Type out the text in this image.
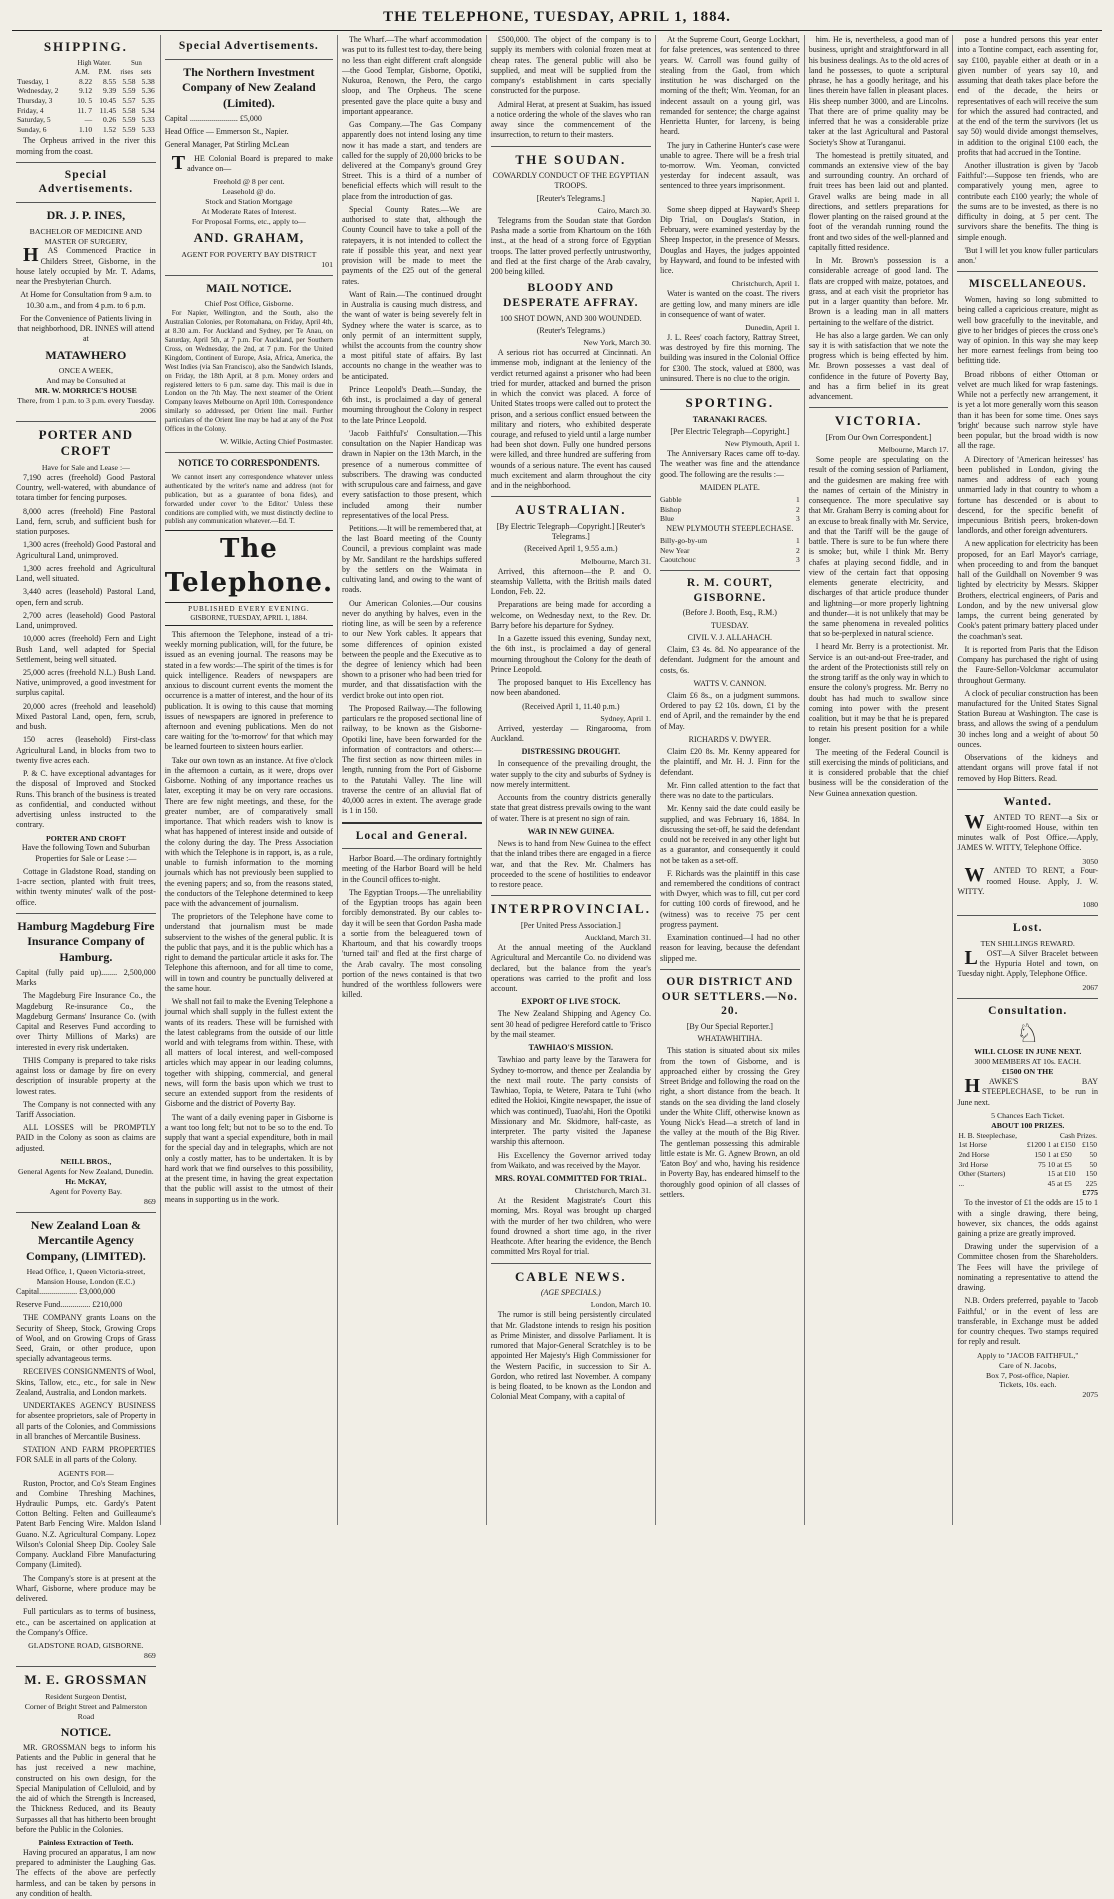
THE TELEPHONE, TUESDAY, APRIL 1, 1884.
SHIPPING.
	High Water.		Sun	
	A.M.	P.M.	rises	sets
Tuesday, 1	8.22	8.55	5.58	5.38
Wednesday, 2	9.12	9.39	5.59	5.36
Thursday, 3	10. 5	10.45	5.57	5.35
Friday, 4	11. 7	11.45	5.58	5.34
Saturday, 5	—	0.26	5.59	5.33
Sunday, 6	1.10	1.52	5.59	5.33

The Orpheus arrived in the river this morning from the coast.

Special Advertisements.
DR. J. P. INES,
BACHELOR OF MEDICINE AND MASTER OF SURGERY,

HAS Commenced Practice in Childers Street, Gisborne, in the house lately occupied by Mr. T. Adams, near the Presbyterian Church.

At Home for Consultation from 9 a.m. to 10.30 a.m., and from 4 p.m. to 6 p.m.

For the Convenience of Patients living in that neighborhood, DR. INNES will attend at

MATAWHERO
ONCE A WEEK,
And may be Consulted at
MR. W. MORRICE'S HOUSE
There, from 1 p.m. to 3 p.m. every Tuesday.
2006
PORTER AND CROFT
Have for Sale and Lease :—

7,190 acres (freehold) Good Pastoral Country, well-watered, with abundance of totara timber for fencing purposes.

8,000 acres (freehold) Fine Pastoral Land, fern, scrub, and sufficient bush for station purposes.

1,300 acres (freehold) Good Pastoral and Agricultural Land, unimproved.

1,300 acres freehold and Agricultural Land, well situated.

3,440 acres (leasehold) Pastoral Land, open, fern and scrub.

2,700 acres (leasehold) Good Pastoral Land, unimproved.

10,000 acres (freehold) Fern and Light Bush Land, well adapted for Special Settlement, being well situated.

25,000 acres (freehold N.L.) Bush Land. Native, unimproved, a good investment for surplus capital.

20,000 acres (freehold and leasehold) Mixed Pastoral Land, open, fern, scrub, and bush.

150 acres (leasehold) First-class Agricultural Land, in blocks from two to twenty five acres each.

P. & C. have exceptional advantages for the disposal of Improved and Stocked Runs. This branch of the business is treated as confidential, and conducted without advertising unless instructed to the contrary.

PORTER AND CROFT

Have the following Town and Suburban Properties for Sale or Lease :—

Cottage in Gladstone Road, standing on 1-acre section, planted with fruit trees, within twenty minutes' walk of the post-office.

Hamburg Magdeburg Fire Insurance Company of Hamburg.

Capital (fully paid up)........ 2,500,000 Marks

The Magdeburg Fire Insurance Co., the Magdeburg Re-insurance Co., the Magdeburg Germans' Insurance Co. (with Capital and Reserves Fund according to over Thirty Millions of Marks) are interested in every risk undertaken.

THIS Company is prepared to take risks against loss or damage by fire on every description of insurable property at the lowest rates.

The Company is not connected with any Tariff Association.

ALL LOSSES will be PROMPTLY PAID in the Colony as soon as claims are adjusted.

NEILL BROS.,
General Agents for New Zealand, Dunedin.
Hr. McKAY,
Agent for Poverty Bay.
869
New Zealand Loan & Mercantile Agency Company, (LIMITED).
Head Office, 1, Queen Victoria-street, Mansion House, London (E.C.)

Capital................... £3,000,000

Reserve Fund............... £210,000

THE COMPANY grants Loans on the Security of Sheep, Stock, Growing Crops of Wool, and on Growing Crops of Grass Seed, Grain, or other produce, upon specially advantageous terms.

RECEIVES CONSIGNMENTS of Wool, Skins, Tallow, etc., etc., for sale in New Zealand, Australia, and London markets.

UNDERTAKES AGENCY BUSINESS for absentee proprietors, sale of Property in all parts of the Colonies, and Commissions in all branches of Mercantile Business.

STATION AND FARM PROPERTIES FOR SALE in all parts of the Colony.

AGENTS FOR—

Ruston, Proctor, and Co's Steam Engines and Combine Threshing Machines, Hydraulic Pumps, etc. Gardy's Patent Cotton Belting. Felten and Guilleaume's Patent Barb Fencing Wire. Maldon Island Guano. N.Z. Agricultural Company. Lopez Wilson's Colonial Sheep Dip. Cooley Sale Company. Auckland Fibre Manufacturing Company (Limited).

The Company's store is at present at the Wharf, Gisborne, where produce may be delivered.

Full particulars as to terms of business, etc., can be ascertained on application at the Company's Office.

GLADSTONE ROAD, GISBORNE.
869
M. E. GROSSMAN
Resident Surgeon Dentist,
Corner of Bright Street and Palmerston Road
NOTICE.

MR. GROSSMAN begs to inform his Patients and the Public in general that he has just received a new machine, constructed on his own design, for the Special Manipulation of Celluloid, and by the aid of which the Strength is Increased, the Thickness Reduced, and its Beauty Surpasses all that has hitherto been brought before the Public in the Colonies.

Painless Extraction of Teeth.

Having procured an apparatus, I am now prepared to administer the Laughing Gas. The effects of the above are perfectly harmless, and can be taken by persons in any condition of health.

Special Advertisements.
The Northern Investment Company of New Zealand (Limited).

Capital ........................ £5,000

Head Office — Emmerson St., Napier.

General Manager, Pat Stirling McLean

THE Colonial Board is prepared to make advance on—

Freehold @ 8 per cent.
Leasehold @ do.
Stock and Station Mortgage
At Moderate Rates of Interest.
For Proposal Forms, etc., apply to—
AND. GRAHAM,
AGENT FOR POVERTY BAY DISTRICT
101
MAIL NOTICE.
Chief Post Office, Gisborne.

For Napier, Wellington, and the South, also the Australian Colonies, per Rotomahana, on Friday, April 4th, at 8.30 a.m. For Auckland and Sydney, per Te Anau, on Saturday, April 5th, at 7 p.m. For Auckland, per Southern Cross, on Wednesday, the 2nd, at 7 p.m. For the United Kingdom, Continent of Europe, Asia, Africa, America, the West Indies (via San Francisco), also the Sandwich Islands, on Friday, the 18th April, at 8 p.m. Money orders and registered letters to 6 p.m. same day. This mail is due in London on the 7th May. The next steamer of the Orient Company leaves Melbourne on April 10th. Correspondence similarly so addressed, per Orient line mail. Further particulars of the Orient line may be had at any of the Post Offices in the Colony.

W. Wilkie, Acting Chief Postmaster.
NOTICE TO CORRESPONDENTS.

We cannot insert any correspondence whatever unless authenticated by the writer's name and address (not for publication, but as a guarantee of bona fides), and forwarded under cover 'to the Editor.' Unless these conditions are complied with, we must distinctly decline to publish any communication whatever.—Ed. T.

The Telephone.
PUBLISHED EVERY EVENING.
GISBORNE, TUESDAY, APRIL 1, 1884.

This afternoon the Telephone, instead of a tri-weekly morning publication, will, for the future, be issued as an evening journal. The reasons may be stated in a few words:—The spirit of the times is for quick intelligence. Readers of newspapers are anxious to discount current events the moment the occurrence is a matter of interest, and the hour of its publication. It is owing to this cause that morning issues of newspapers are ignored in preference to afternoon and evening publications. Men do not care waiting for the 'to-morrow' for that which may be learned fourteen to sixteen hours earlier.

Take our own town as an instance. At five o'clock in the afternoon a curtain, as it were, drops over Gisborne. Nothing of any importance reaches us later, excepting it may be on very rare occasions. There are few night meetings, and these, for the greater number, are of comparatively small importance. That which readers wish to know is what has happened of interest inside and outside of the colony during the day. The Press Association with which the Telephone is in rapport, is, as a rule, unable to furnish information to the morning journals which has not previously been supplied to the evening papers; and so, from the reasons stated, the conductors of the Telephone determined to keep pace with the advancement of journalism.

The proprietors of the Telephone have come to understand that journalism must be made subservient to the wishes of the general public. It is the public that pays, and it is the public which has a right to demand the particular article it asks for. The Telephone this afternoon, and for all time to come, will in town and country be punctually delivered at the same hour.

We shall not fail to make the Evening Telephone a journal which shall supply in the fullest extent the wants of its readers. These will be furnished with the latest cablegrams from the outside of our little world and with telegrams from within. These, with all matters of local interest, and well-composed articles which may appear in our leading columns, together with shipping, commercial, and general news, will form the basis upon which we trust to secure an extended support from the residents of Gisborne and the district of Poverty Bay.

The want of a daily evening paper in Gisborne is a want too long felt; but not to be so to the end. To supply that want a special expenditure, both in mail for the special day and in telegraphs, which are not only a costly matter, has to be undertaken. It is by hard work that we find ourselves to this possibility, at the present time, in having the great expectation that the public will assist to the utmost of their means in supporting us in the work.

The Wharf.—The wharf accommodation was put to its fullest test to-day, there being no less than eight different craft alongside—the Good Templar, Gisborne, Opotiki, Nukuroa, Renown, the Pero, the cargo sloop, and The Orpheus. The scene presented gave the place quite a busy and important appearance.

Gas Company.—The Gas Company apparently does not intend losing any time now it has made a start, and tenders are called for the supply of 20,000 bricks to be delivered at the Company's ground Grey Street. This is a third of a number of beneficial effects which will result to the place from the introduction of gas.

Special County Rates.—We are authorised to state that, although the County Council have to take a poll of the ratepayers, it is not intended to collect the rate if possible this year, and next year provision will be made to meet the payments of the £25 out of the general rates.

Want of Rain.—The continued drought in Australia is causing much distress, and the want of water is being severely felt in Sydney where the water is scarce, as to only permit of an intermittent supply, whilst the accounts from the country show a most pitiful state of affairs. By last accounts no change in the weather was to be anticipated.

Prince Leopold's Death.—Sunday, the 6th inst., is proclaimed a day of general mourning throughout the Colony in respect to the late Prince Leopold.

'Jacob Faithful's' Consultation.—This consultation on the Napier Handicap was drawn in Napier on the 13th March, in the presence of a numerous committee of subscribers. The drawing was conducted with scrupulous care and fairness, and gave every satisfaction to those present, which included among their number representatives of the local Press.

Petitions.—It will be remembered that, at the last Board meeting of the County Council, a previous complaint was made by Mr. Sandilant re the hardships suffered by the settlers on the Waimata in cultivating land, and owing to the want of roads.

Our American Colonies.—Our cousins never do anything by halves, even in the rioting line, as will be seen by a reference to our New York cables. It appears that some differences of opinion existed between the people and the Executive as to the degree of leniency which had been shown to a prisoner who had been tried for murder, and that dissatisfaction with the verdict broke out into open riot.

The Proposed Railway.—The following particulars re the proposed sectional line of railway, to be known as the Gisborne-Opotiki line, have been forwarded for the information of contractors and others:—The first section as now thirteen miles in length, running from the Port of Gisborne to the Patutahi Valley. The line will traverse the centre of an alluvial flat of 40,000 acres in extent. The average grade is 1 in 150.

Local and General.

Harbor Board.—The ordinary fortnightly meeting of the Harbor Board will be held in the Council offices to-night.

The Egyptian Troops.—The unreliability of the Egyptian troops has again been forcibly demonstrated. By our cables to-day it will be seen that Gordon Pasha made a sortie from the beleaguered town of Khartoum, and that his cowardly troops 'turned tail' and fled at the first charge of the Arab cavalry. The most consoling portion of the news contained is that two hundred of the worthless followers were killed.

£500,000. The object of the company is to supply its members with colonial frozen meat at cheap rates. The general public will also be supplied, and meat will be supplied from the company's establishment in carts specially constructed for the purpose.

Admiral Herat, at present at Suakim, has issued a notice ordering the whole of the slaves who ran away since the commencement of the insurrection, to return to their masters.

THE SOUDAN.
COWARDLY CONDUCT OF THE EGYPTIAN TROOPS.
[Reuter's Telegrams.]
Cairo, March 30.

Telegrams from the Soudan state that Gordon Pasha made a sortie from Khartoum on the 16th inst., at the head of a strong force of Egyptian troops. The latter proved perfectly untrustworthy, and fled at the first charge of the Arab cavalry, 200 being killed.

BLOODY AND DESPERATE AFFRAY.
100 SHOT DOWN, AND 300 WOUNDED.
(Reuter's Telegrams.)
New York, March 30.

A serious riot has occurred at Cincinnati. An immense mob, indignant at the leniency of the verdict returned against a prisoner who had been tried for murder, attacked and burned the prison in which the convict was placed. A force of United States troops were called out to protect the prison, and a serious conflict ensued between the military and rioters, who exhibited desperate courage, and refused to yield until a large number had been shot down. Fully one hundred persons were killed, and three hundred are suffering from wounds of a serious nature. The event has caused much excitement and alarm throughout the city and in the neighborhood.

AUSTRALIAN.
[By Electric Telegraph—Copyright.] [Reuter's Telegrams.]
(Received April 1, 9.55 a.m.)
Melbourne, March 31.

Arrived, this afternoon—the P. and O. steamship Valletta, with the British mails dated London, Feb. 22.

Preparations are being made for according a welcome, on Wednesday next, to the Rev. Dr. Barry before his departure for Sydney.

In a Gazette issued this evening, Sunday next, the 6th inst., is proclaimed a day of general mourning throughout the Colony for the death of Prince Leopold.

The proposed banquet to His Excellency has now been abandoned.

(Received April 1, 11.40 p.m.)
Sydney, April 1.

Arrived, yesterday — Ringarooma, from Auckland.

DISTRESSING DROUGHT.

In consequence of the prevailing drought, the water supply to the city and suburbs of Sydney is now merely intermittent.

Accounts from the country districts generally state that great distress prevails owing to the want of water. There is at present no sign of rain.

WAR IN NEW GUINEA.

News is to hand from New Guinea to the effect that the inland tribes there are engaged in a fierce war, and that the Rev. Mr. Chalmers has proceeded to the scene of hostilities to endeavor to restore peace.

INTERPROVINCIAL.
[Per United Press Association.]
Auckland, March 31.

At the annual meeting of the Auckland Agricultural and Mercantile Co. no dividend was declared, but the balance from the year's operations was carried to the profit and loss account.

EXPORT OF LIVE STOCK.

The New Zealand Shipping and Agency Co. sent 30 head of pedigree Hereford cattle to 'Frisco by the mail steamer.

TAWHIAO'S MISSION.

Tawhiao and party leave by the Tarawera for Sydney to-morrow, and thence per Zealandia by the next mail route. The party consists of Tawhiao, Topia, te Wetere, Patara te Tuhi (who edited the Hokioi, Kingite newspaper, the issue of which was continued), Tuao'ahi, Hori the Opotiki Missionary and Mr. Skidmore, half-caste, as interpreter. The party visited the Japanese warship this afternoon.

His Excellency the Governor arrived today from Waikato, and was received by the Mayor.

MRS. ROYAL COMMITTED FOR TRIAL.
Christchurch, March 31.

At the Resident Magistrate's Court this morning, Mrs. Royal was brought up charged with the murder of her two children, who were found drowned a short time ago, in the river Heathcote. After hearing the evidence, the Bench committed Mrs Royal for trial.

CABLE NEWS.
(AGE SPECIALS.)
London, March 10.

The rumor is still being persistently circulated that Mr. Gladstone intends to resign his position as Prime Minister, and dissolve Parliament. It is rumored that Major-General Scratchley is to be appointed Her Majesty's High Commissioner for the Western Pacific, in succession to Sir A. Gordon, who retired last November. A company is being floated, to be known as the London and Colonial Meat Company, with a capital of

At the Supreme Court, George Lockhart, for false pretences, was sentenced to three years. W. Carroll was found guilty of stealing from the Gaol, from which institution he was discharged on the morning of the theft; Wm. Yeoman, for an indecent assault on a young girl, was remanded for sentence; the charge against Henrietta Hunter, for larceny, is being heard.

The jury in Catherine Hunter's case were unable to agree. There will be a fresh trial to-morrow. Wm. Yeoman, convicted yesterday for indecent assault, was sentenced to three years imprisonment.

Napier, April 1.

Some sheep dipped at Hayward's Sheep Dip Trial, on Douglas's Station, in February, were examined yesterday by the Sheep Inspector, in the presence of Messrs. Douglas and Hayes, the judges appointed by Hayward, and found to be infested with lice.

Christchurch, April 1.

Water is wanted on the coast. The rivers are getting low, and many miners are idle in consequence of want of water.

Dunedin, April 1.

J. L. Rees' coach factory, Rattray Street, was destroyed by fire this morning. The building was insured in the Colonial Office for £300. The stock, valued at £800, was uninsured. There is no clue to the origin.

SPORTING.
TARANAKI RACES.
[Per Electric Telegraph—Copyright.]
New Plymouth, April 1.

The Anniversary Races came off to-day. The weather was fine and the attendance good. The following are the results :—

MAIDEN PLATE.
Gabble	1
Bishop	2
Blue	3
NEW PLYMOUTH STEEPLECHASE.
Billy-go-by-um	1
New Year	2
Caoutchouc	3
R. M. COURT, GISBORNE.
(Before J. Booth, Esq., R.M.)
TUESDAY.
CIVIL V. J. ALLAHACH.

Claim, £3 4s. 8d. No appearance of the defendant. Judgment for the amount and costs, 6s.

WATTS V. CANNON.

Claim £6 8s., on a judgment summons. Ordered to pay £2 10s. down, £1 by the end of April, and the remainder by the end of May.

RICHARDS V. DWYER.

Claim £20 8s. Mr. Kenny appeared for the plaintiff, and Mr. H. J. Finn for the defendant.

Mr. Finn called attention to the fact that there was no date to the particulars.

Mr. Kenny said the date could easily be supplied, and was February 16, 1884. In discussing the set-off, he said the defendant could not be received in any other light but as a guarantor, and consequently it could not be taken as a set-off.

F. Richards was the plaintiff in this case and remembered the conditions of contract with Dwyer, which was to fill, cut per cord for cutting 100 cords of firewood, and he (witness) was to receive 75 per cent progress payment.

Examination continued—I had no other reason for leaving, because the defendant slipped me.

OUR DISTRICT AND OUR SETTLERS.—No. 20.
[By Our Special Reporter.]
WHATAWHITIHA.

This station is situated about six miles from the town of Gisborne, and is approached either by crossing the Grey Street Bridge and following the road on the right, a short distance from the beach. It stands on the sea dividing the land closely under the White Cliff, otherwise known as Young Nick's Head—a stretch of land in the valley at the mouth of the Big River. The gentleman possessing this admirable little estate is Mr. G. Agnew Brown, an old 'Eaton Boy' and who, having his residence in Poverty Bay, has endeared himself to the thoroughly good opinion of all classes of settlers.

him. He is, nevertheless, a good man of business, upright and straightforward in all his business dealings. As to the old acres of land he possesses, to quote a scriptural phrase, he has a goodly heritage, and his lines therein have fallen in pleasant places. His sheep number 3000, and are Lincolns. That there are of prime quality may be inferred that he was a considerable prize taker at the last Agricultural and Pastoral Society's Show at Turanganui.

The homestead is prettily situated, and commands an extensive view of the bay and surrounding country. An orchard of fruit trees has been laid out and planted. Gravel walks are being made in all directions, and settlers preparations for flower planting on the raised ground at the foot of the verandah running round the front and two sides of the well-planned and capitally fitted residence.

In Mr. Brown's possession is a considerable acreage of good land. The flats are cropped with maize, potatoes, and grass, and at each visit the proprietor has put in a larger quantity than before. Mr. Brown is a leading man in all matters pertaining to the welfare of the district.

He has also a large garden. We can only say it is with satisfaction that we note the progress which is being effected by him. Mr. Brown possesses a vast deal of confidence in the future of Poverty Bay, and has a firm belief in its great advancement.

VICTORIA.
[From Our Own Correspondent.]
Melbourne, March 17.

Some people are speculating on the result of the coming session of Parliament, and the guidesmen are making free with the names of certain of the Ministry in consequence. The more speculative say that Mr. Graham Berry is coming about for an excuse to break finally with Mr. Service, and that the Tariff will be the gauge of battle. There is sure to be fun where there is smoke; but, while I think Mr. Berry chafes at playing second fiddle, and in view of the certain fact that opposing elements generate electricity, and discharges of that article produce thunder and lightning—or more properly lightning and thunder—it is not unlikely that may be the same phenomena in revealed politics that so be-perplexed in natural science.

I heard Mr. Berry is a protectionist. Mr. Service is an out-and-out Free-trader, and the ardent of the Protectionists still rely on the strong tariff as the only way in which to ensure the colony's progress. Mr. Berry no doubt has had much to swallow since coming into power with the present coalition, but it may be that he is prepared to retain his present position for a while longer.

The meeting of the Federal Council is still exercising the minds of politicians, and it is considered probable that the chief business will be the consideration of the New Guinea annexation question.

pose a hundred persons this year enter into a Tontine compact, each assenting for, say £100, payable either at death or in a given number of years say 10, and assuming that death takes place before the end of the decade, the heirs or representatives of each will receive the sum for which the assured had contracted, and at the end of the term the survivors (let us say 50) would divide amongst themselves, in addition to the original £100 each, the profits that had accrued in the Tontine.

Another illustration is given by 'Jacob Faithful':—Suppose ten friends, who are comparatively young men, agree to contribute each £100 yearly; the whole of the sums are to be invested, as there is no difficulty in doing, at 5 per cent. The survivors share the benefits. The thing is simple enough.

'But I will let you know fuller particulars anon.'

MISCELLANEOUS.

Women, having so long submitted to being called a capricious creature, might as well bow gracefully to the inevitable, and give to her bridges of pieces the cross one's way of opinion. In this way she may keep her more earnest feelings from being too befitting tide.

Broad ribbons of either Ottoman or velvet are much liked for wrap fastenings. While not a perfectly new arrangement, it is yet a lot more generally worn this season than it has been for some time. Ones says 'bright' because such narrow style have been popular, but the broad width is now all the rage.

A Directory of 'American heiresses' has been published in London, giving the names and address of each young unmarried lady in that country to whom a fortune has descended or is about to descend, for the specific benefit of impecunious British peers, broken-down landlords, and other foreign adventurers.

A new application for electricity has been proposed, for an Earl Mayor's carriage, when proceeding to and from the banquet hall of the Guildhall on November 9 was lighted by electricity by Messrs. Skipper Brothers, electrical engineers, of Paris and London, and by the new universal glow lamps, the current being generated by Cook's patent primary battery placed under the coachman's seat.

It is reported from Paris that the Edison Company has purchased the right of using the Faure-Sellon-Volckmar accumulator throughout Germany.

A clock of peculiar construction has been manufactured for the United States Signal Station Bureau at Washington. The case is brass, and allows the swing of a pendulum 30 inches long and a weight of about 50 ounces.

Observations of the kidneys and attendant organs will prove fatal if not removed by Hop Bitters. Read.

Wanted.

WANTED TO RENT—a Six or Eight-roomed House, within ten minutes walk of Post Office.—Apply, JAMES W. WITTY, Telephone Office.

3050

WANTED TO RENT, a Four-roomed House. Apply, J. W. WITTY.

1080
Lost.
TEN SHILLINGS REWARD.

LOST—A Silver Bracelet between the Hypuria Hotel and town, on Tuesday night. Apply, Telephone Office.

2067
Consultation.
♘
WILL CLOSE IN JUNE NEXT.
3000 MEMBERS AT 10s. EACH.
£1500 ON THE

HAWKE'S BAY STEEPLECHASE, to be run in June next.

5 Chances Each Ticket.
ABOUT 100 PRIZES.
H. B. Steeplechase,		Cash Prizes.	
1st Horse	£1200	1 at £150	£150
2nd Horse	150	1 at £50	50
3rd Horse	75	10 at £5	50
Other (Starters)		15 at £10	150
...		45 at £5	225
£775

To the investor of £1 the odds are 15 to 1 with a single drawing, there being, however, six chances, the odds against gaining a prize are greatly improved.

Drawing under the supervision of a Committee chosen from the Shareholders. The Fees will have the privilege of nominating a representative to attend the drawing.

N.B. Orders preferred, payable to 'Jacob Faithful,' or in the event of less are transferable, in Exchange must be added for country cheques. Two stamps required for reply and result.

Apply to "JACOB FAITHFUL,"
Care of N. Jacobs,
Box 7, Post-office, Napier.
Tickets, 10s. each.
2075
